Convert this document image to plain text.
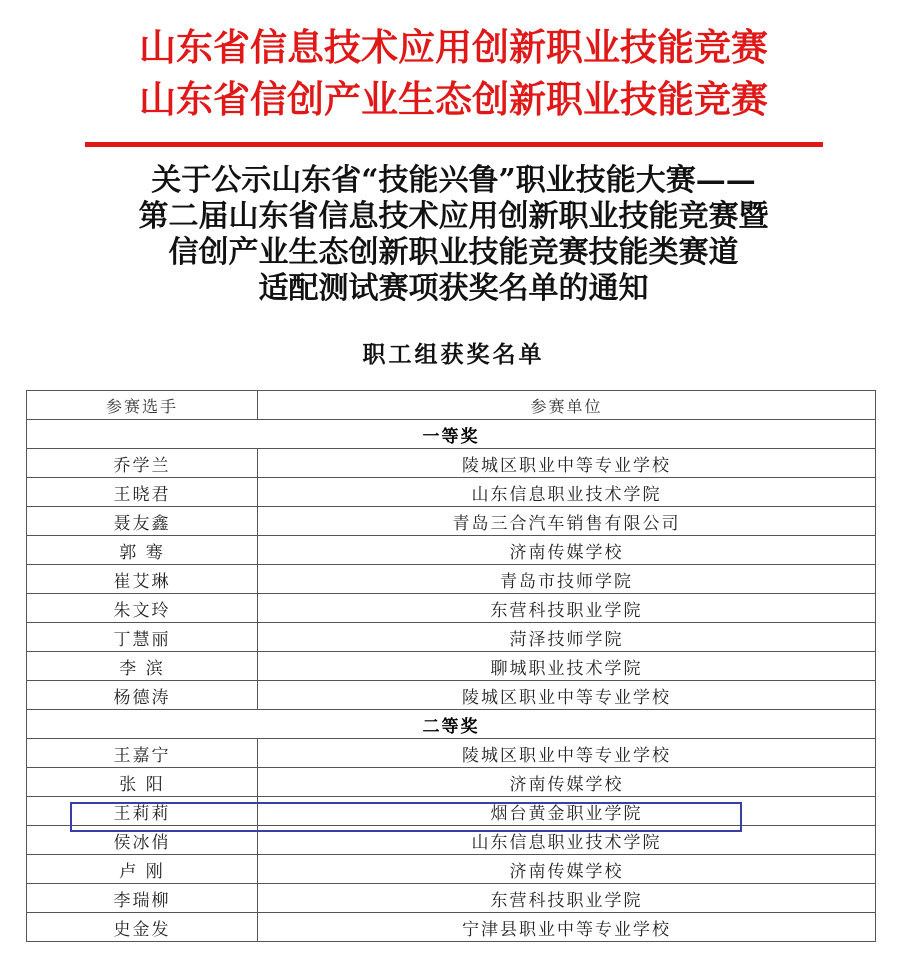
山东省信息技术应用创新职业技能竞赛
山东省信创产业生态创新职业技能竞赛
关于公示山东省“技能兴鲁”职业技能大赛——
第二届山东省信息技术应用创新职业技能竞赛暨
信创产业生态创新职业技能竞赛技能类赛道
适配测试赛项获奖名单的通知
职工组获奖名单
参赛选手	参赛单位
一等奖	
乔学兰	陵城区职业中等专业学校
王晓君	山东信息职业技术学院
聂友鑫	青岛三合汽车销售有限公司
郭 骞	济南传媒学校
崔艾琳	青岛市技师学院
朱文玲	东营科技职业学院
丁慧丽	菏泽技师学院
李 滨	聊城职业技术学院
杨德涛	陵城区职业中等专业学校
二等奖	
王嘉宁	陵城区职业中等专业学校
张 阳	济南传媒学校
王莉莉	烟台黄金职业学院
侯冰俏	山东信息职业技术学院
卢 刚	济南传媒学校
李瑞柳	东营科技职业学院
史金发	宁津县职业中等专业学校
